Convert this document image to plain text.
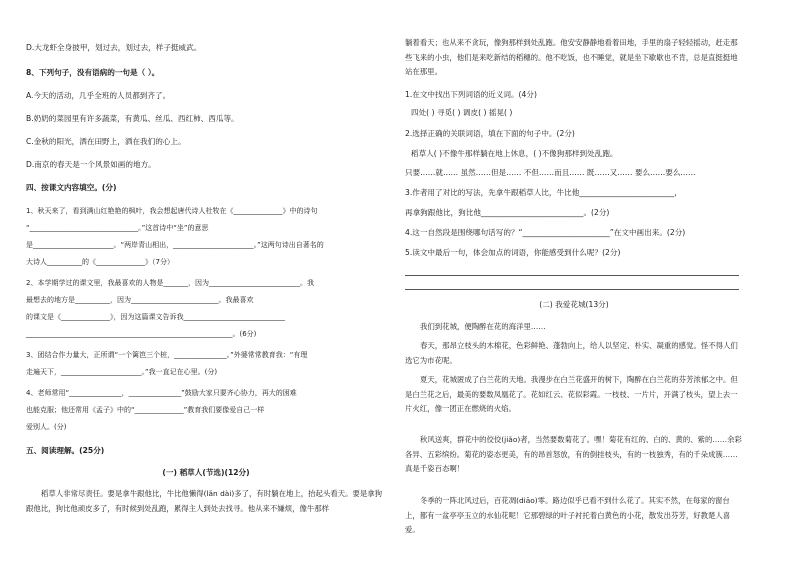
D.大龙虾全身披甲，划过去，划过去，样子挺威武。
8、下列句子，没有语病的一句是（ ）。
A.今天的活动，几乎全班的人员都到齐了。
B.奶奶的菜园里有许多蔬菜，有黄瓜、丝瓜、西红柿、西瓜等。
C.金秋的阳光，洒在田野上，洒在我们的心上。
D.南京的春天是一个风景如画的地方。
四、按课文内容填空。(分)
1、秋天来了，看到满山红艳艳的枫叶，我会想起唐代诗人杜牧在《______________》中的诗句
“_______________________________。”这首诗中“坐”的意思
是_______________________。“两岸青山相出，_______________________。”这两句诗出自著名的
大诗人__________的《______________》（7分）
2、本学期学过的课文里，我最喜欢的人物是_______，因为__________________________。我
最想去的地方是__________，因为_________________________。我最喜欢
的课文是《______________》，因为这篇课文告诉我_____________________________
___________________________________________________________。(6分)
3、团结合作力量大，正所谓“一个篱笆三个桩，_______________。”外婆常常教育我：“有理
走遍天下，_______________________。”我一直记在心里。(分)
4、老师常用“_______________，_______________”鼓励大家只要齐心协力，再大的困难
也能克服；他还常用《孟子》中的“______________”教育我们要像爱自己一样
爱别人。(分)
五、阅读理解。(25分)
(一) 稻草人(节选)(12分)
稻草人非常尽责任。要是拿牛跟他比，牛比他懒得(lǎn dài)多了，有时躺在地上，抬起头看天。要是拿狗跟他比，狗比他顽皮多了，有时候到处乱跑，累得主人到处去找寻。他从来不嫌烦，像牛那样
躺着看天；也从来不贪玩，像狗那样到处乱跑。他安安静静地看着田地，手里的扇子轻轻摇动，赶走那些飞来的小虫，他们是来吃新结的稻穗的。他不吃饭，也不睡觉，就是坐下歇歇也不肯，总是直挺挺地站在那里。
1.在文中找出下列词语的近义词。(4分)
四处( ) 寻觅( ) 调皮( ) 摇晃( )
2.选择正确的关联词语，填在下面的句子中。(2分)
稻草人( )不像牛那样躺在地上休息，( )不像狗那样到处乱跑。
只要……就…… 虽然……但是…… 不但……而且…… 既……又…… 要么……要么……
3.作者用了对比的写法，先拿牛跟稻草人比，牛比他_________________________，
再拿狗跟他比，狗比他___________________________。(2分)
4.这一自然段是围绕哪句话写的？“_______________________”在文中画出来。(2分)
5.读文中最后一句，体会加点的词语，你能感受到什么呢？(2分)
(二) 我爱花城(13分)
我们到花城，便陶醉在花的海洋里……
春天，那昂立枝头的木棉花，色彩鲜艳、蓬勃向上，给人以坚定、朴实、凝重的感觉。怪不得人们选它为市花呢。
夏天，花城匿成了白兰花的天地。我漫步在白兰花盛开的树下，陶醉在白兰花的芬芳浓郁之中。但是白兰花之后，最美的要数凤凰花了。花如红云、花似彩霞。一枝枝、一片片，开满了枝头，望上去一片火红，像一团正在燃烧的火焰。
秋风送爽，群花中的佼佼(jiǎo)者，当然要数菊花了。嘿！菊花有红的、白的、黄的、紫的……余彩各异、五彩缤纷。菊花的姿态更美，有的昂首怒放，有的倒挂枝头，有的一枝独秀，有的千朵成簇……真是千姿百态啊！
冬季的一阵北风过后，百花凋(diāo)零。路边似乎已看不到什么花了。其实不然，在每家的窗台上，都有一盆亭亭玉立的水仙花呢！它那碧绿的叶子衬托着白黄色的小花，散发出芬芳，好教楚人喜爱。
